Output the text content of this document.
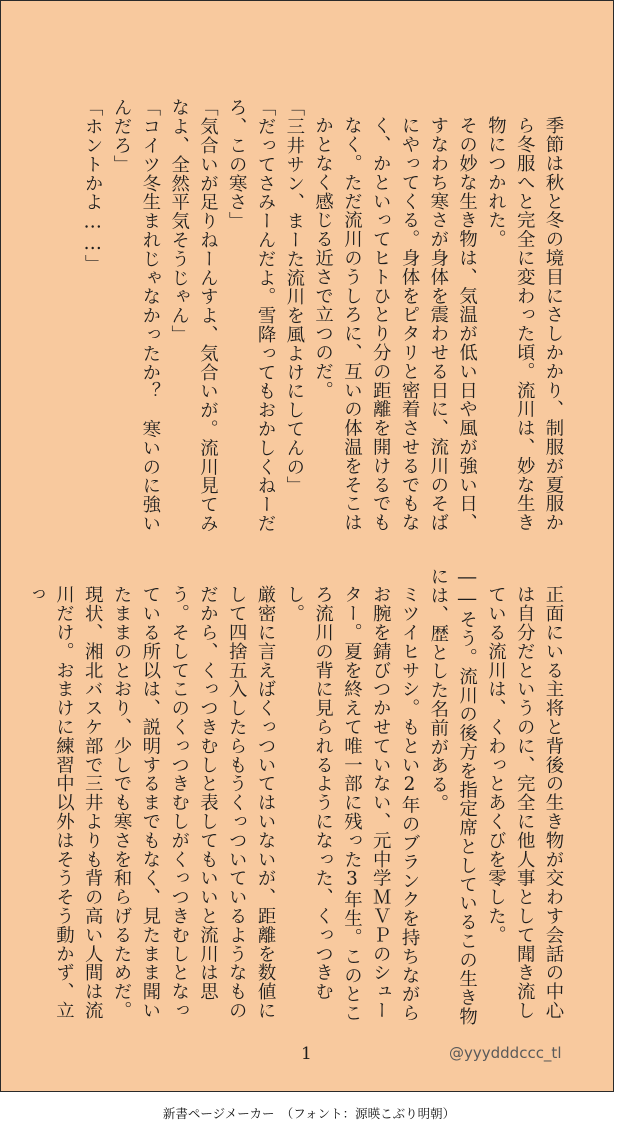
季節は秋と冬の境目にさしかかり、制服が夏服から冬服へと完全に変わった頃。流川は、妙な生き物につかれた。
その妙な生き物は、気温が低い日や風が強い日、すなわち寒さが身体を震わせる日に、流川のそばにやってくる。身体をピタリと密着させるでもなく、かといってヒトひとり分の距離を開けるでもなく。ただ流川のうしろに、互いの体温をそこはかとなく感じる近さで立つのだ。
「三井サン、まーた流川を風よけにしてんの」
「だってさみーんだよ。雪降ってもおかしくねーだろ、この寒さ」
「気合いが足りねーんすよ、気合いが。流川見てみなよ、全然平気そうじゃん」
「コイツ冬生まれじゃなかったか？　寒いのに強いんだろ」
「ホントかよ……」
正面にいる主将と背後の生き物が交わす会話の中心は自分だというのに、完全に他人事として聞き流している流川は、くわっとあくびを零した。
――そう。流川の後方を指定席としているこの生き物には、歴とした名前がある。
ミツイヒサシ。もとい2年のブランクを持ちながらお腕を錆びつかせていない、元中学ＭＶＰのシューター。夏を終えて唯一部に残った3年生。このところ流川の背に見られるようになった、くっつきむし。
厳密に言えばくっついてはいないが、距離を数値にして四捨五入したらもうくっついているようなものだから、くっつきむしと表してもいいと流川は思う。そしてこのくっつきむしがくっつきむしとなっている所以は、説明するまでもなく、見たまま聞いたままのとおり、少しでも寒さを和らげるためだ。
現状、湘北バスケ部で三井よりも背の高い人間は流川だけ。おまけに練習中以外はそうそう動かず、立っ
1	@yyydddccc_tl
新書ページメーカー　（フォント：源暎こぶり明朝）
